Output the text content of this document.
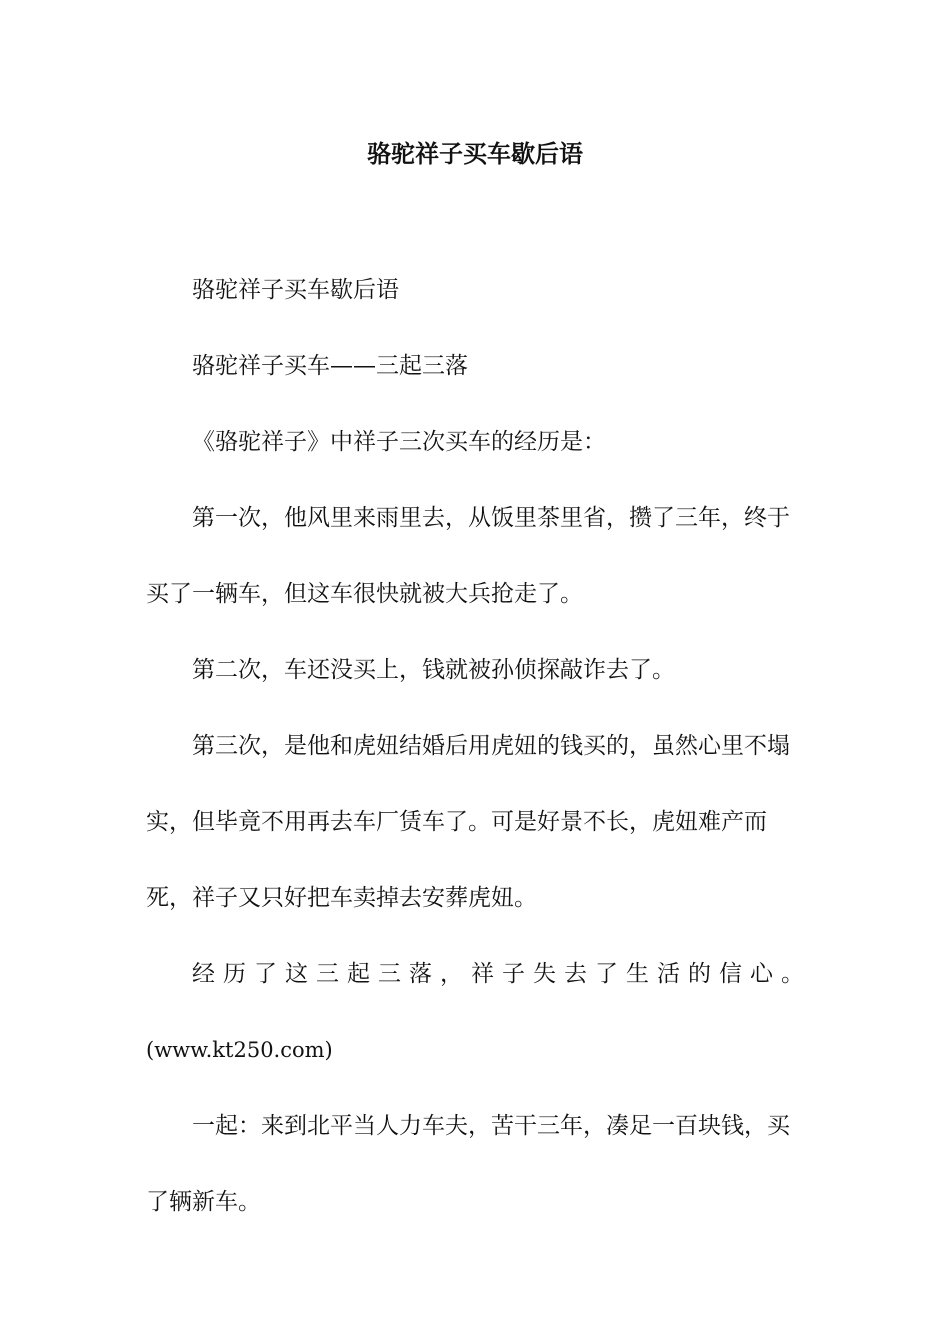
骆驼祥子买车歇后语

骆驼祥子买车歇后语

骆驼祥子买车——三起三落

《骆驼祥子》中祥子三次买车的经历是：

第一次，他风里来雨里去，从饭里茶里省，攒了三年，终于买了一辆车，但这车很快就被大兵抢走了。

第二次，车还没买上，钱就被孙侦探敲诈去了。

第三次，是他和虎妞结婚后用虎妞的钱买的，虽然心里不塌实，但毕竟不用再去车厂赁车了。可是好景不长，虎妞难产而死，祥子又只好把车卖掉去安葬虎妞。

经历了这三起三落，祥子失去了生活的信心。

(www.kt250.com)

一起：来到北平当人力车夫，苦干三年，凑足一百块钱，买了辆新车。
